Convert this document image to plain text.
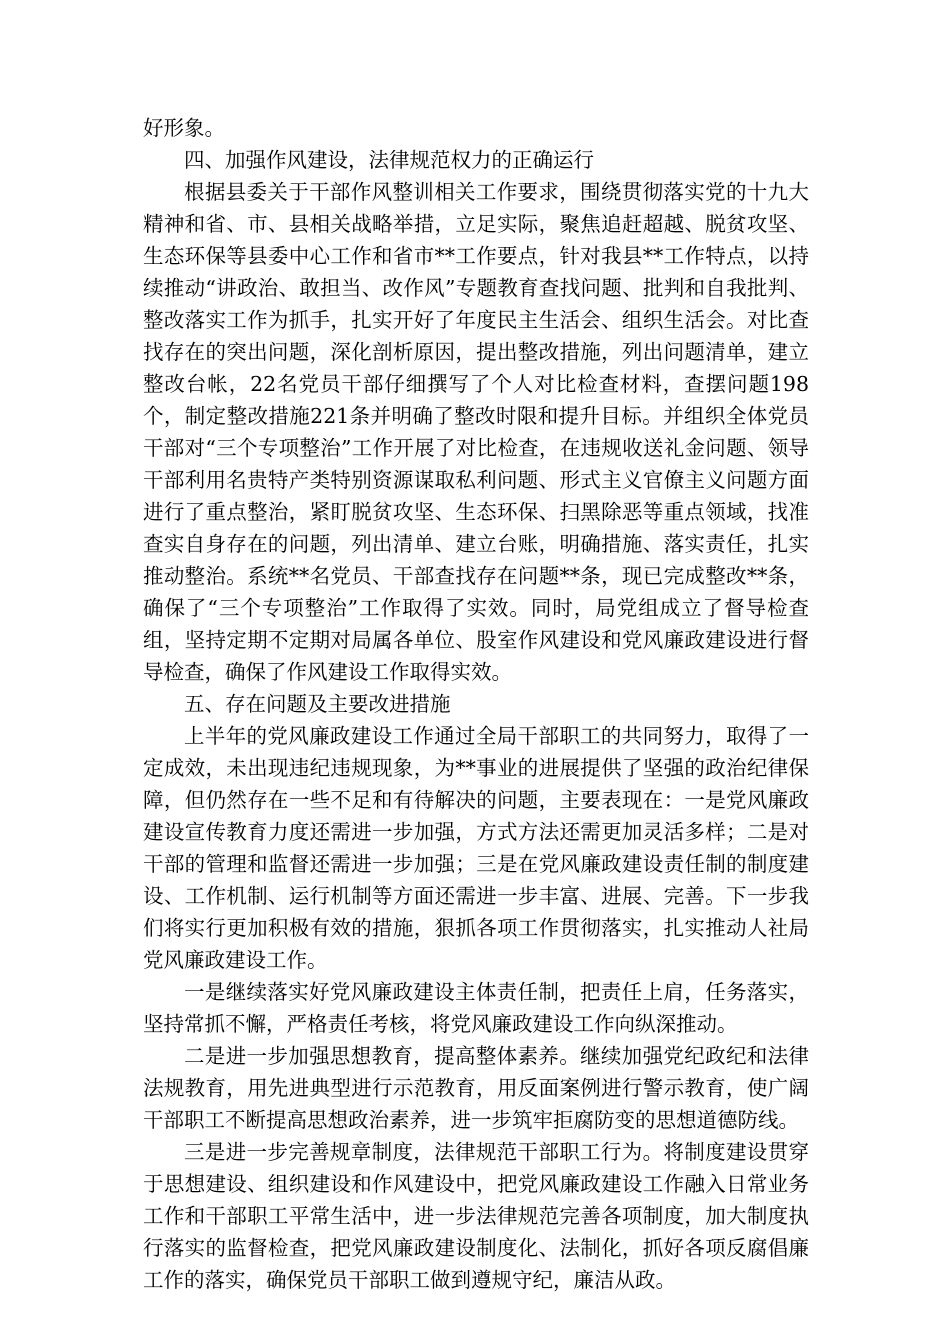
好形象。

四、加强作风建设，法律规范权力的正确运行

根据县委关于干部作风整训相关工作要求，围绕贯彻落实党的十九大精神和省、市、县相关战略举措，立足实际，聚焦追赶超越、脱贫攻坚、生态环保等县委中心工作和省市**工作要点，针对我县**工作特点，以持续推动“讲政治、敢担当、改作风”专题教育查找问题、批判和自我批判、整改落实工作为抓手，扎实开好了年度民主生活会、组织生活会。对比查找存在的突出问题，深化剖析原因，提出整改措施，列出问题清单，建立整改台帐，22名党员干部仔细撰写了个人对比检查材料，查摆问题198个，制定整改措施221条并明确了整改时限和提升目标。并组织全体党员干部对“三个专项整治”工作开展了对比检查，在违规收送礼金问题、领导干部利用名贵特产类特别资源谋取私利问题、形式主义官僚主义问题方面进行了重点整治，紧盯脱贫攻坚、生态环保、扫黑除恶等重点领域，找准查实自身存在的问题，列出清单、建立台账，明确措施、落实责任，扎实推动整治。系统**名党员、干部查找存在问题**条，现已完成整改**条，确保了“三个专项整治”工作取得了实效。同时，局党组成立了督导检查组，坚持定期不定期对局属各单位、股室作风建设和党风廉政建设进行督导检查，确保了作风建设工作取得实效。

五、存在问题及主要改进措施

上半年的党风廉政建设工作通过全局干部职工的共同努力，取得了一定成效，未出现违纪违规现象，为**事业的进展提供了坚强的政治纪律保障，但仍然存在一些不足和有待解决的问题，主要表现在：一是党风廉政建设宣传教育力度还需进一步加强，方式方法还需更加灵活多样；二是对干部的管理和监督还需进一步加强；三是在党风廉政建设责任制的制度建设、工作机制、运行机制等方面还需进一步丰富、进展、完善。下一步我们将实行更加积极有效的措施，狠抓各项工作贯彻落实，扎实推动人社局党风廉政建设工作。

一是继续落实好党风廉政建设主体责任制，把责任上肩，任务落实，坚持常抓不懈，严格责任考核，将党风廉政建设工作向纵深推动。

二是进一步加强思想教育，提高整体素养。继续加强党纪政纪和法律法规教育，用先进典型进行示范教育，用反面案例进行警示教育，使广阔干部职工不断提高思想政治素养，进一步筑牢拒腐防变的思想道德防线。

三是进一步完善规章制度，法律规范干部职工行为。将制度建设贯穿于思想建设、组织建设和作风建设中，把党风廉政建设工作融入日常业务工作和干部职工平常生活中，进一步法律规范完善各项制度，加大制度执行落实的监督检查，把党风廉政建设制度化、法制化，抓好各项反腐倡廉工作的落实，确保党员干部职工做到遵规守纪，廉洁从政。
